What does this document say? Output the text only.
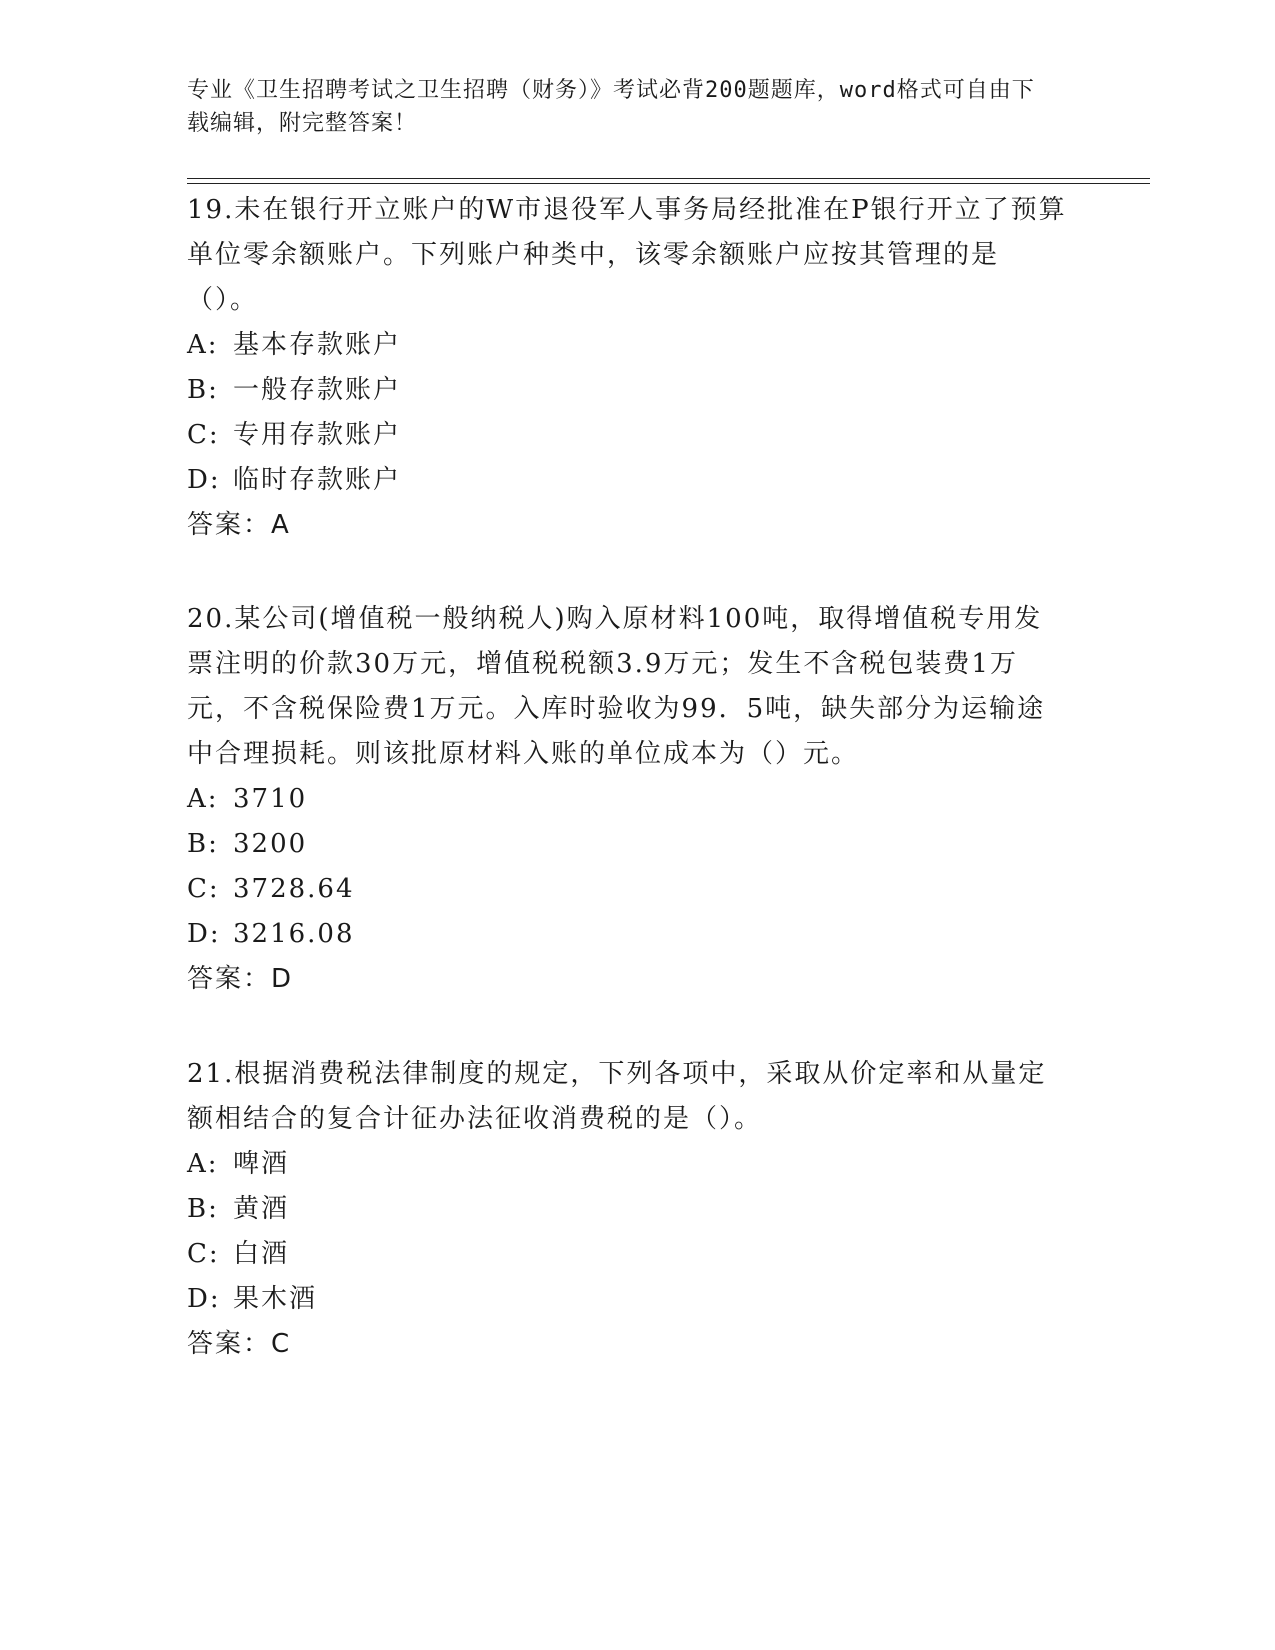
专业《卫生招聘考试之卫生招聘（财务）》考试必背200题题库，word格式可自由下载编辑，附完整答案！

19.未在银行开立账户的W市退役军人事务局经批准在P银行开立了预算单位零余额账户。下列账户种类中，该零余额账户应按其管理的是（）。

A: 基本存款账户

B: 一般存款账户

C: 专用存款账户

D: 临时存款账户

答案：A

20.某公司(增值税一般纳税人)购入原材料100吨，取得增值税专用发票注明的价款30万元，增值税税额3.9万元；发生不含税包装费1万元，不含税保险费1万元。入库时验收为99．5吨，缺失部分为运输途中合理损耗。则该批原材料入账的单位成本为（）元。

A: 3710

B: 3200

C: 3728.64

D: 3216.08

答案：D

21.根据消费税法律制度的规定，下列各项中，采取从价定率和从量定额相结合的复合计征办法征收消费税的是（）。

A: 啤酒

B: 黄酒

C: 白酒

D: 果木酒

答案：C
